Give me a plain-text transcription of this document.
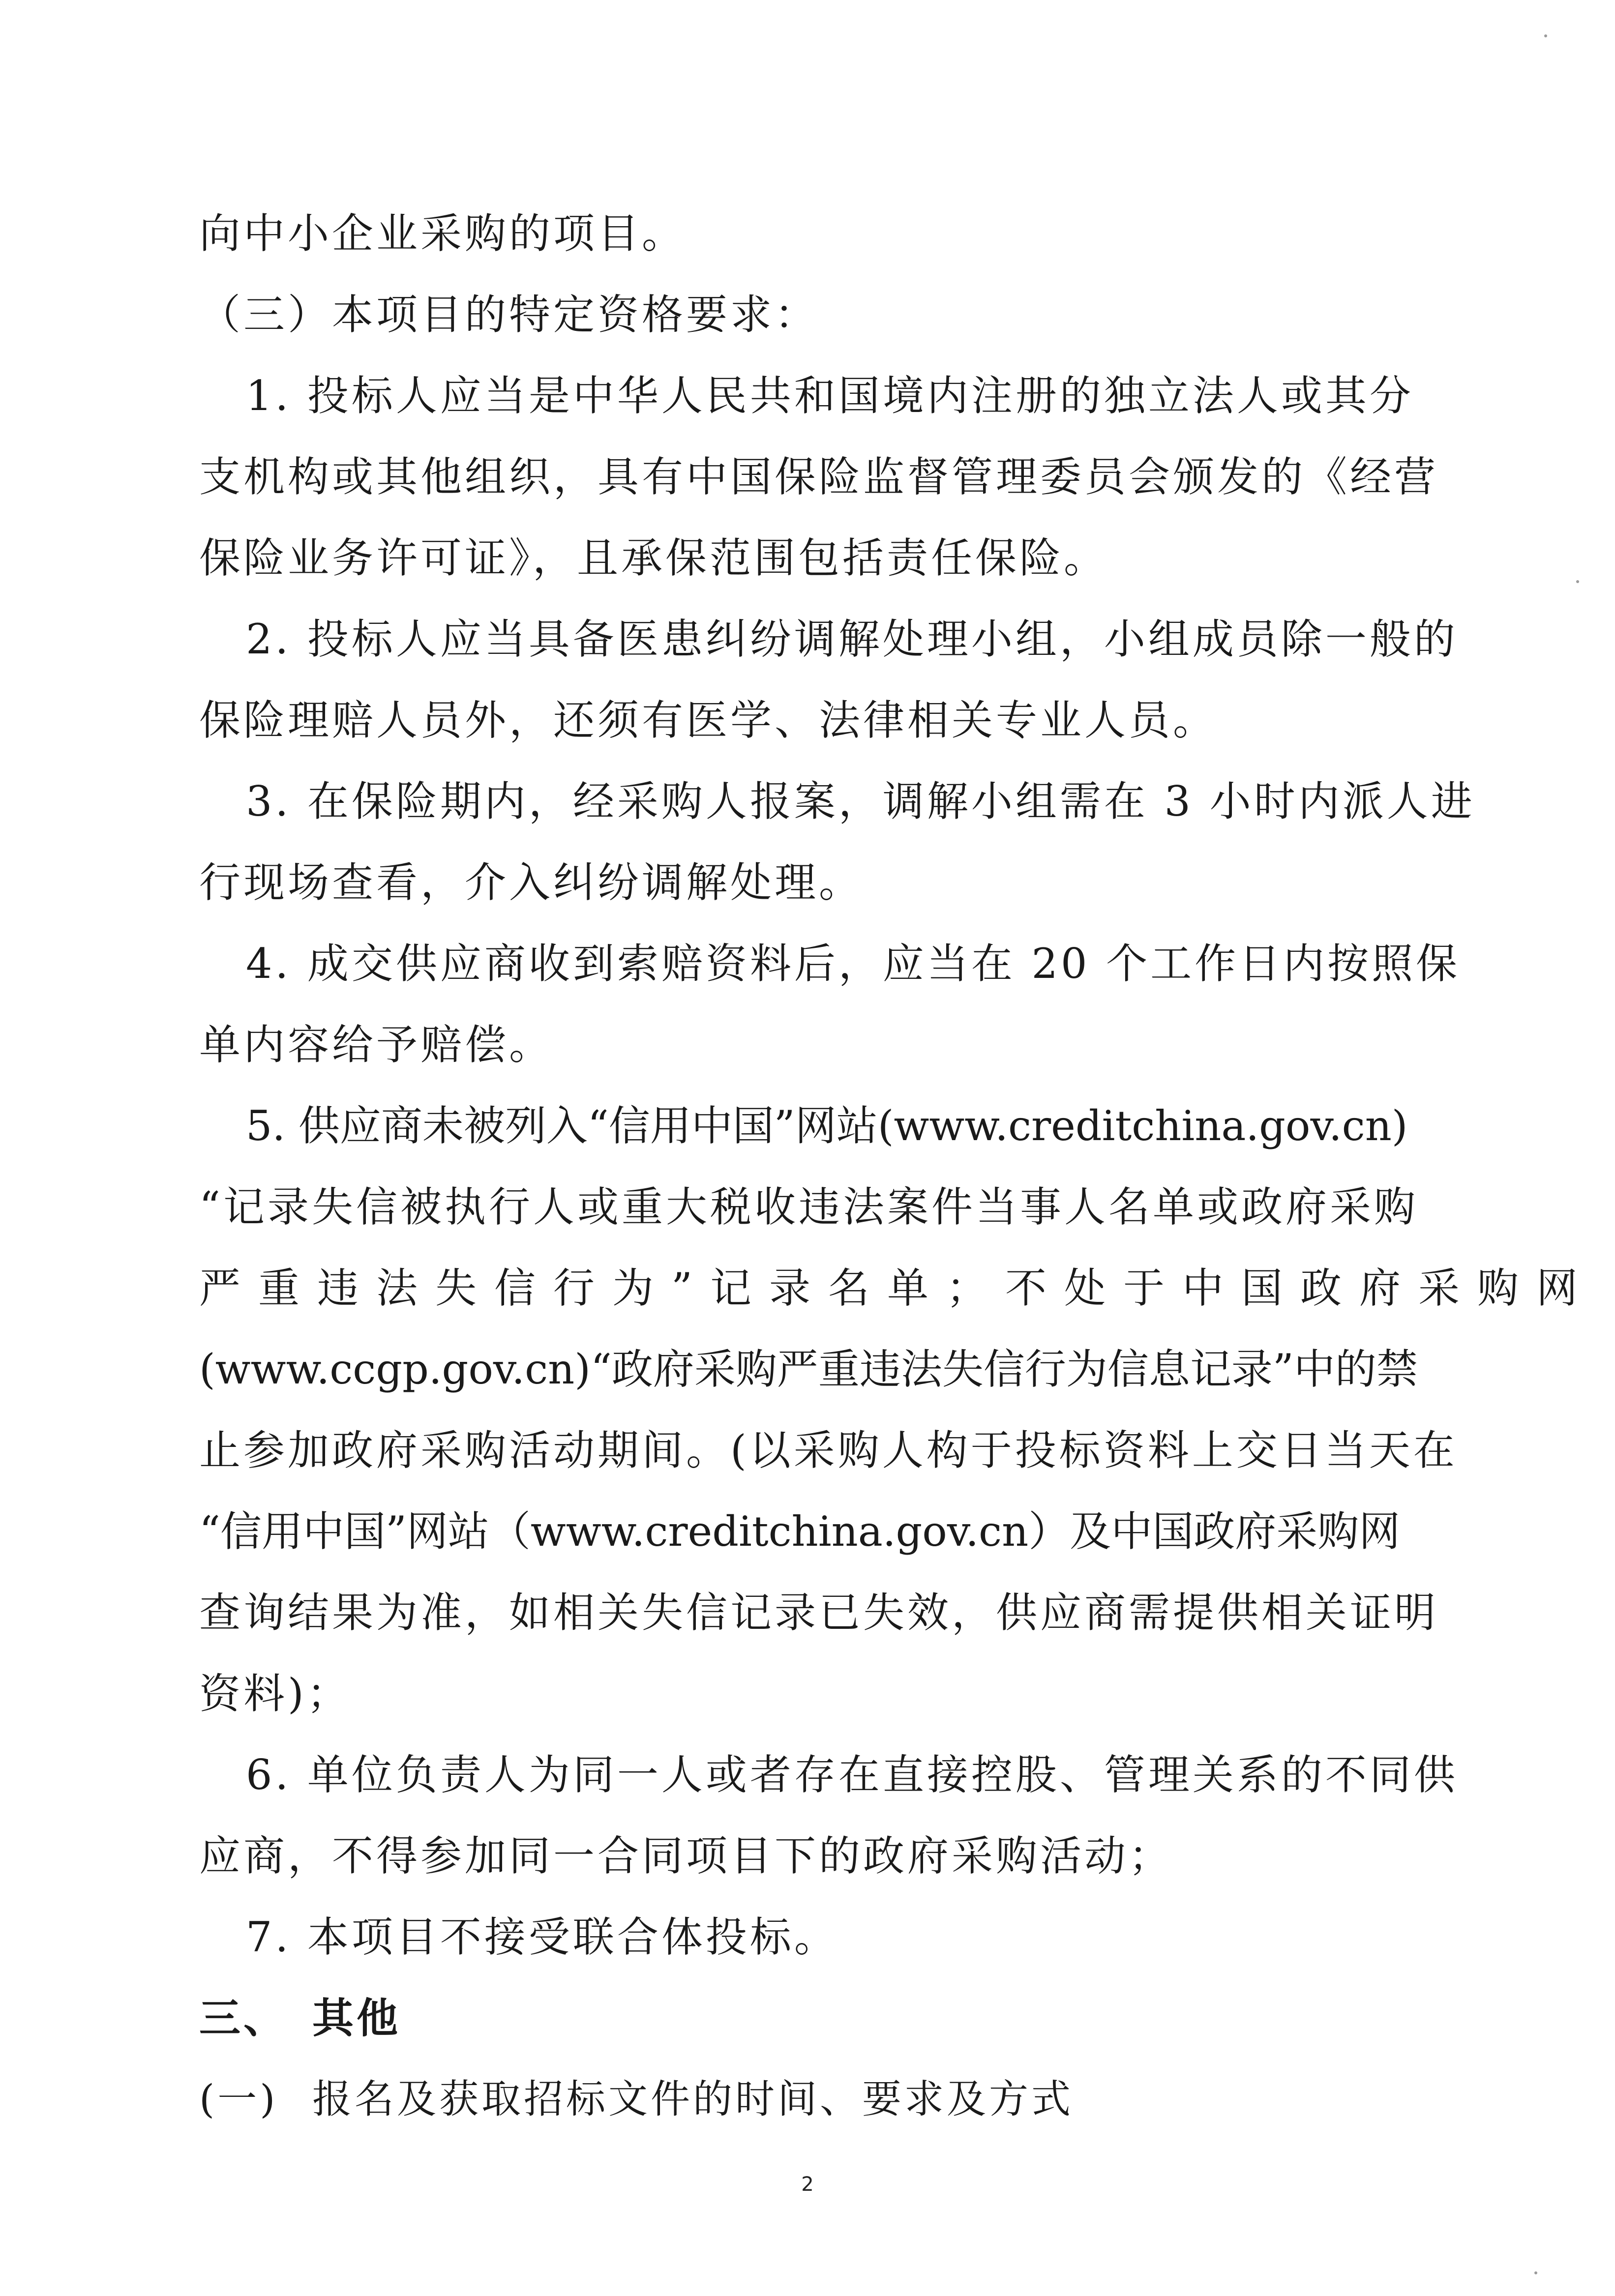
向中小企业采购的项目。
（三）本项目的特定资格要求：
1. 投标人应当是中华人民共和国境内注册的独立法人或其分
支机构或其他组织，具有中国保险监督管理委员会颁发的《经营
保险业务许可证》，且承保范围包括责任保险。
2. 投标人应当具备医患纠纷调解处理小组，小组成员除一般的
保险理赔人员外，还须有医学、法律相关专业人员。
3. 在保险期内，经采购人报案，调解小组需在 3 小时内派人进
行现场查看，介入纠纷调解处理。
4. 成交供应商收到索赔资料后，应当在 20 个工作日内按照保
单内容给予赔偿。
5. 供应商未被列入“信用中国”网站(www.creditchina.gov.cn)
“记录失信被执行人或重大税收违法案件当事人名单或政府采购
严重违法失信行为”记录名单；不处于中国政府采购网
(www.ccgp.gov.cn)“政府采购严重违法失信行为信息记录”中的禁
止参加政府采购活动期间。(以采购人构于投标资料上交日当天在
“信用中国”网站（www.creditchina.gov.cn）及中国政府采购网
查询结果为准，如相关失信记录已失效，供应商需提供相关证明
资料)；
6. 单位负责人为同一人或者存在直接控股、管理关系的不同供
应商，不得参加同一合同项目下的政府采购活动；
7. 本项目不接受联合体投标。
三、 其他
(一) 报名及获取招标文件的时间、要求及方式
2
